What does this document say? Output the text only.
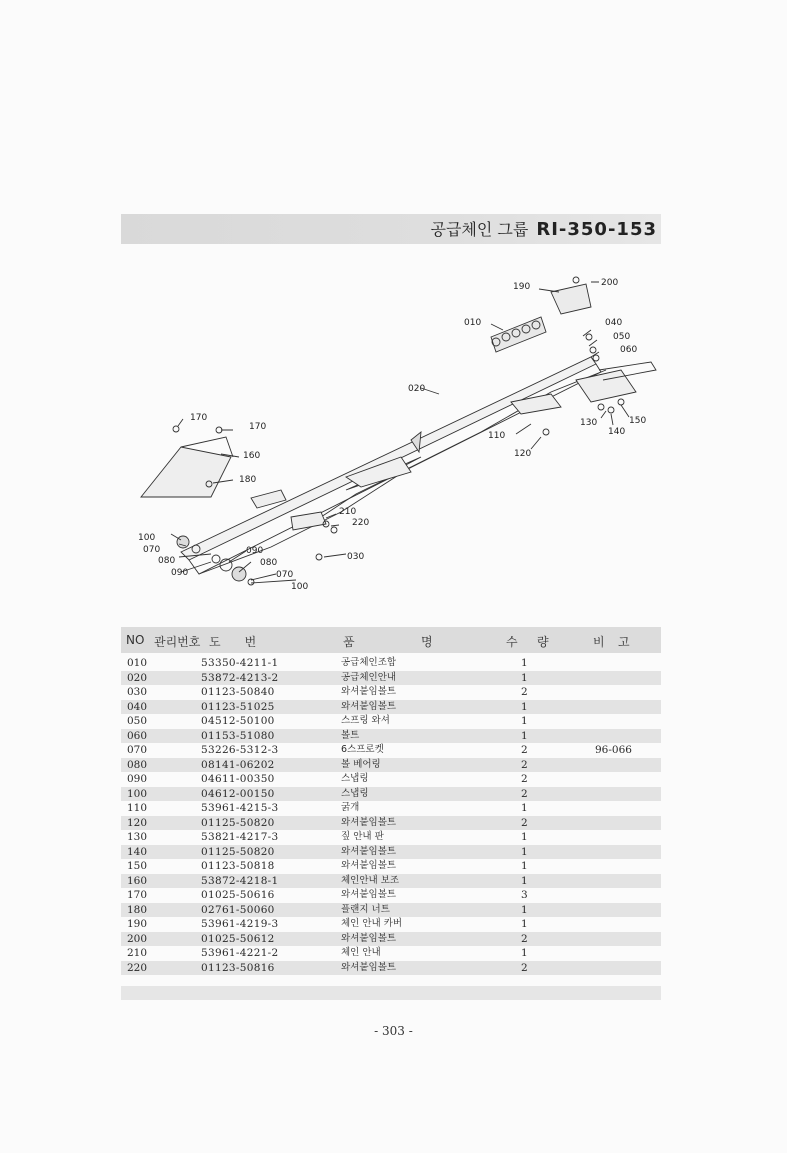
공급체인 그룹 RI-350-153
190	200
010	040
050
060
020
170
170
160
180
110
130
140
150
120
210
220
100
070
080
090
090
080
070
030
100
NO 관리번호 도　　번	품	명	수 량	비 고
010	53350-4211-1	공급체인조합	1
020	53872-4213-2	공급체인안내	1
030	01123-50840	와셔붙임볼트	2
040	01123-51025	와셔붙임볼트	1
050	04512-50100	스프링 와셔	1
060	01153-51080	볼트	1
070	53226-5312-3	6스프로켓	2	96-066
080	08141-06202	볼 베어링	2
090	04611-00350	스냅링	2
100	04612-00150	스냅링	2
110	53961-4215-3	굵개	1
120	01125-50820	와셔붙임볼트	2
130	53821-4217-3	짚 안내 판	1
140	01125-50820	와셔붙임볼트	1
150	01123-50818	와셔붙임볼트	1
160	53872-4218-1	체인안내 보조	1
170	01025-50616	와셔붙임볼트	3
180	02761-50060	플랜지 너트	1
190	53961-4219-3	체인 안내 카버	1
200	01025-50612	와셔붙임볼트	2
210	53961-4221-2	체인 안내	1
220	01123-50816	와셔붙임볼트	2
- 303 -
